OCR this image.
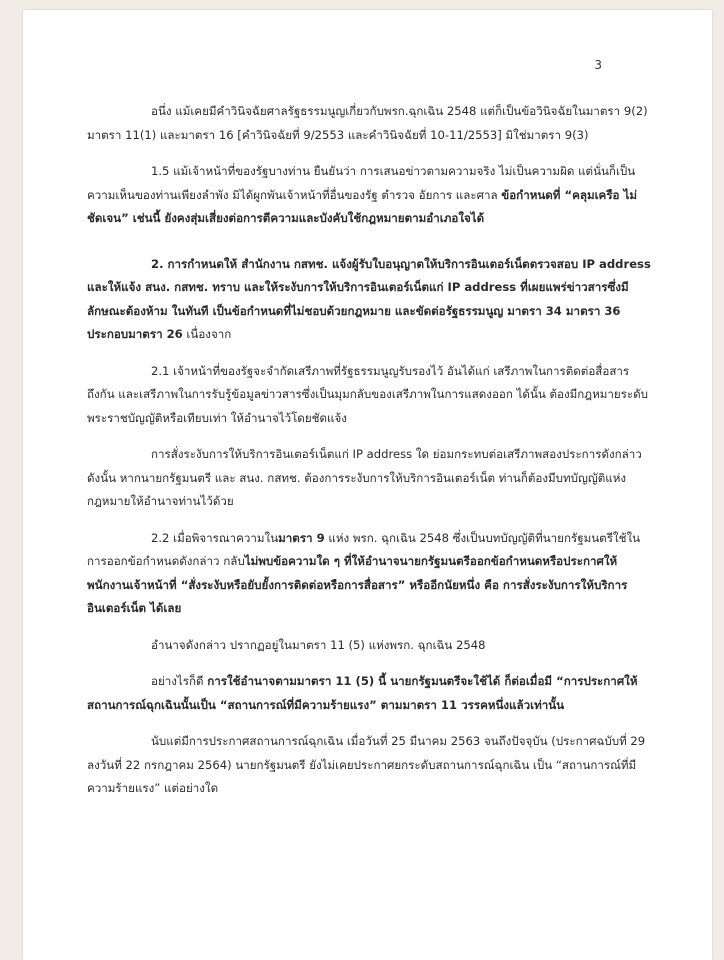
3

อนึ่ง แม้เคยมีคำวินิจฉัยศาลรัฐธรรมนูญเกี่ยวกับพรก.ฉุกเฉิน 2548 แต่ก็เป็นข้อวินิจฉัยในมาตรา 9(2) มาตรา 11(1) และมาตรา 16 [คำวินิจฉัยที่ 9/2553 และคำวินิจฉัยที่ 10-11/2553] มิใช่มาตรา 9(3)

1.5 แม้เจ้าหน้าที่ของรัฐบางท่าน ยืนยันว่า การเสนอข่าวตามความจริง ไม่เป็นความผิด แต่นั่นก็เป็นความเห็นของท่านเพียงลำพัง มิได้ผูกพันเจ้าหน้าที่อื่นของรัฐ ตำรวจ อัยการ และศาล ข้อกำหนดที่ “คลุมเครือ ไม่ชัดเจน” เช่นนี้ ยังคงสุ่มเสี่ยงต่อการตีความและบังคับใช้กฎหมายตามอำเภอใจได้

2. การกำหนดให้ สำนักงาน กสทช. แจ้งผู้รับใบอนุญาตให้บริการอินเตอร์เน็ตตรวจสอบ IP address และให้แจ้ง สนง. กสทช. ทราบ และให้ระงับการให้บริการอินเตอร์เน็ตแก่ IP address ที่เผยแพร่ข่าวสารซึ่งมีลักษณะต้องห้าม ในทันที เป็นข้อกำหนดที่ไม่ชอบด้วยกฎหมาย และขัดต่อรัฐธรรมนูญ มาตรา 34 มาตรา 36 ประกอบมาตรา 26 เนื่องจาก

2.1 เจ้าหน้าที่ของรัฐจะจำกัดเสรีภาพที่รัฐธรรมนูญรับรองไว้ อันได้แก่ เสรีภาพในการติดต่อสื่อสารถึงกัน และเสรีภาพในการรับรู้ข้อมูลข่าวสารซึ่งเป็นมุมกลับของเสรีภาพในการแสดงออก ได้นั้น ต้องมีกฎหมายระดับพระราชบัญญัติหรือเทียบเท่า ให้อำนาจไว้โดยชัดแจ้ง

การสั่งระงับการให้บริการอินเตอร์เน็ตแก่ IP address ใด ย่อมกระทบต่อเสรีภาพสองประการดังกล่าว ดังนั้น หากนายกรัฐมนตรี และ สนง. กสทช. ต้องการระงับการให้บริการอินเตอร์เน็ต ท่านก็ต้องมีบทบัญญัติแห่งกฎหมายให้อำนาจท่านไว้ด้วย

2.2 เมื่อพิจารณาความในมาตรา 9 แห่ง พรก. ฉุกเฉิน 2548 ซึ่งเป็นบทบัญญัติที่นายกรัฐมนตรีใช้ในการออกข้อกำหนดดังกล่าว กลับไม่พบข้อความใด ๆ ที่ให้อำนาจนายกรัฐมนตรีออกข้อกำหนดหรือประกาศให้พนักงานเจ้าหน้าที่ “สั่งระงับหรือยับยั้งการติดต่อหรือการสื่อสาร” หรืออีกนัยหนึ่ง คือ การสั่งระงับการให้บริการอินเตอร์เน็ต ได้เลย

อำนาจดังกล่าว ปรากฏอยู่ในมาตรา 11 (5) แห่งพรก. ฉุกเฉิน 2548

อย่างไรก็ดี การใช้อำนาจตามมาตรา 11 (5) นี้ นายกรัฐมนตรีจะใช้ได้ ก็ต่อเมื่อมี “การประกาศให้สถานการณ์ฉุกเฉินนั้นเป็น “สถานการณ์ที่มีความร้ายแรง” ตามมาตรา 11 วรรคหนึ่งแล้วเท่านั้น

นับแต่มีการประกาศสถานการณ์ฉุกเฉิน เมื่อวันที่ 25 มีนาคม 2563 จนถึงปัจจุบัน (ประกาศฉบับที่ 29 ลงวันที่ 22 กรกฎาคม 2564) นายกรัฐมนตรี ยังไม่เคยประกาศยกระดับสถานการณ์ฉุกเฉิน เป็น “สถานการณ์ที่มีความร้ายแรง” แต่อย่างใด
